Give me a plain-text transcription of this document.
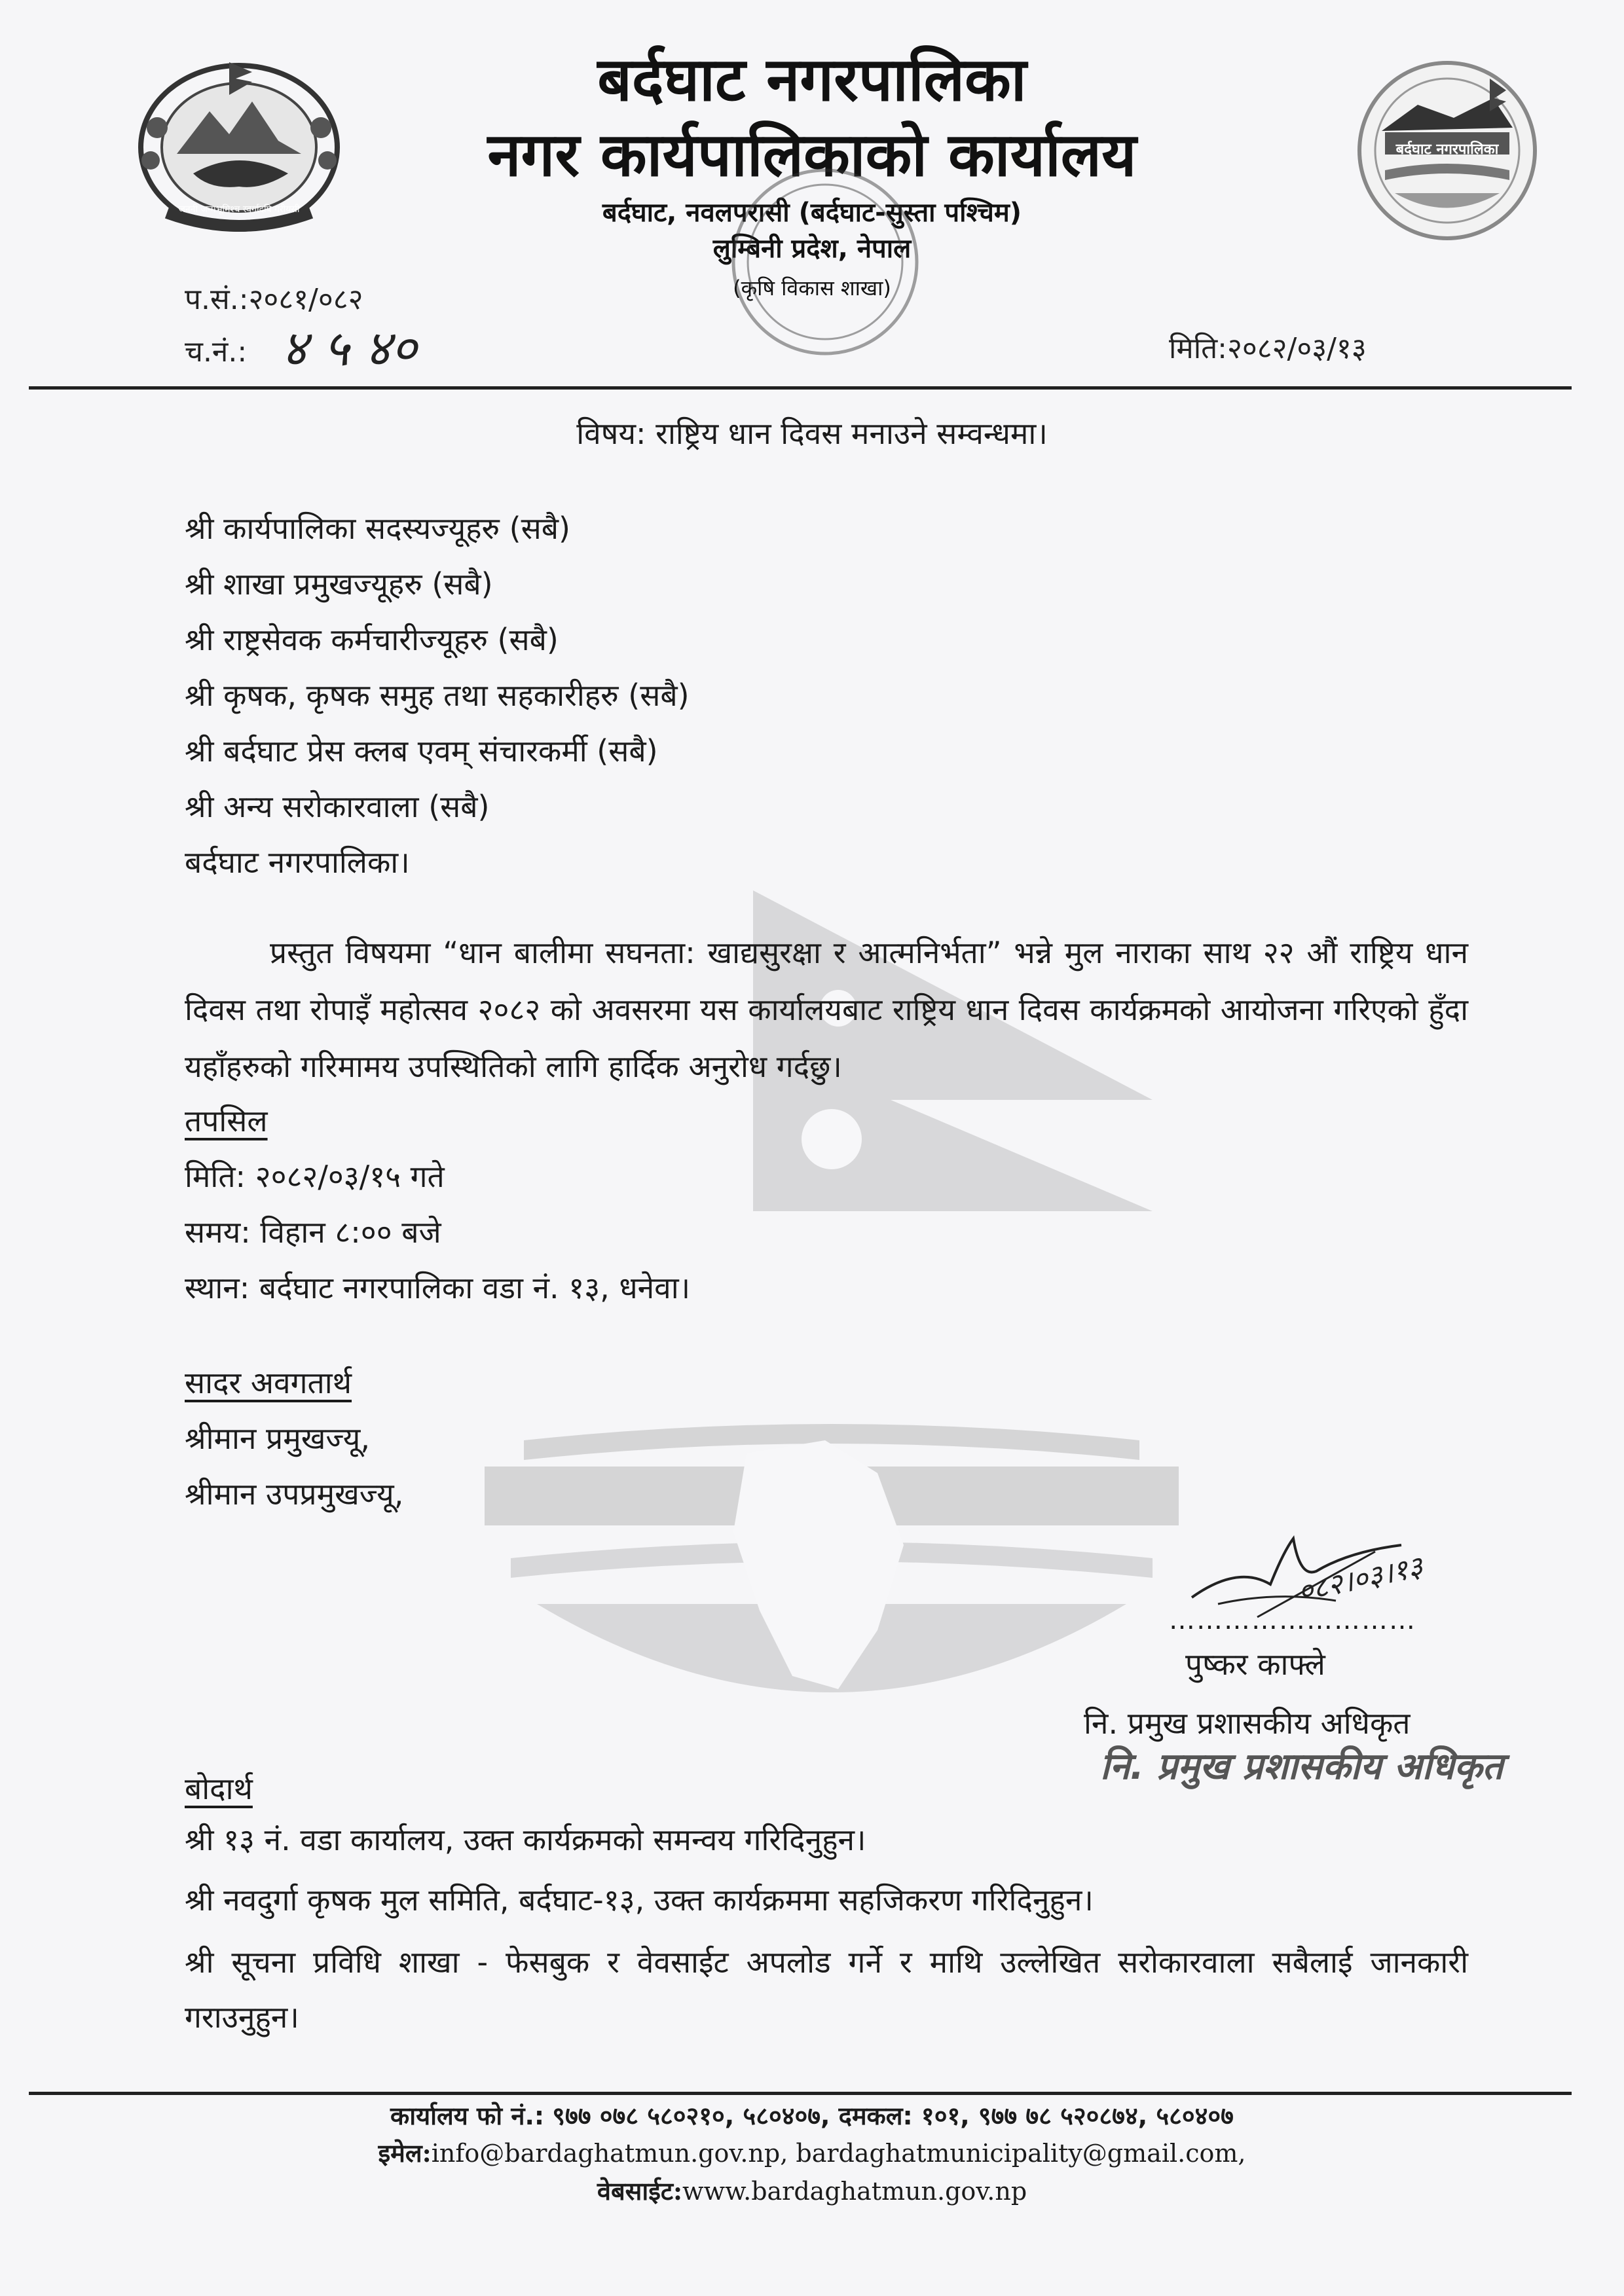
जननी जन्मभूमिश्च स्वर्गादपि गरीयसी
बर्दघाट नगरपालिका
बर्दघाट नगरपालिका
नगर कार्यपालिकाको कार्यालय
बर्दघाट, नवलपरासी (बर्दघाट-सुस्ता पश्चिम)
लुम्बिनी प्रदेश, नेपाल
(कृषि विकास शाखा)
प.सं.:२०८१/०८२
च.नं.: ४ ५ ४०	मिति:२०८२/०३/१३
विषय: राष्ट्रिय धान दिवस मनाउने सम्वन्धमा।
श्री कार्यपालिका सदस्यज्यूहरु (सबै)
श्री शाखा प्रमुखज्यूहरु (सबै)
श्री राष्ट्रसेवक कर्मचारीज्यूहरु (सबै)
श्री कृषक, कृषक समुह तथा सहकारीहरु (सबै)
श्री बर्दघाट प्रेस क्लब एवम् संचारकर्मी (सबै)
श्री अन्य सरोकारवाला (सबै)
बर्दघाट नगरपालिका।
प्रस्तुत विषयमा “धान बालीमा सघनता: खाद्यसुरक्षा र आत्मनिर्भता” भन्ने मुल नाराका साथ २२ औं राष्ट्रिय धान दिवस तथा रोपाइँ महोत्सव २०८२ को अवसरमा यस कार्यालयबाट राष्ट्रिय धान दिवस कार्यक्रमको आयोजना गरिएको हुँदा यहाँहरुको गरिमामय उपस्थितिको लागि हार्दिक अनुरोध गर्दछु।
तपसिल
मिति: २०८२/०३/१५ गते
समय: विहान ८:०० बजे
स्थान: बर्दघाट नगरपालिका वडा नं. १३, धनेवा।
सादर अवगतार्थ
श्रीमान प्रमुखज्यू,
श्रीमान उपप्रमुखज्यू,
०८२।०३।१३
………………………
पुष्कर काफ्ले
नि. प्रमुख प्रशासकीय अधिकृत
नि. प्रमुख प्रशासकीय अधिकृत
बोदार्थ
श्री १३ नं. वडा कार्यालय, उक्त कार्यक्रमको समन्वय गरिदिनुहुन।
श्री नवदुर्गा कृषक मुल समिति, बर्दघाट-१३, उक्त कार्यक्रममा सहजिकरण गरिदिनुहुन।
श्री सूचना प्रविधि शाखा - फेसबुक र वेवसाईट अपलोड गर्ने र माथि उल्लेखित सरोकारवाला सबैलाई जानकारी गराउनुहुन।
कार्यालय फो नं.: ९७७ ०७८ ५८०२१०, ५८०४०७, दमकल: १०१, ९७७ ७८ ५२०८७४, ५८०४०७
इमेल:info@bardaghatmun.gov.np, bardaghatmunicipality@gmail.com,
वेबसाईट:www.bardaghatmun.gov.np
